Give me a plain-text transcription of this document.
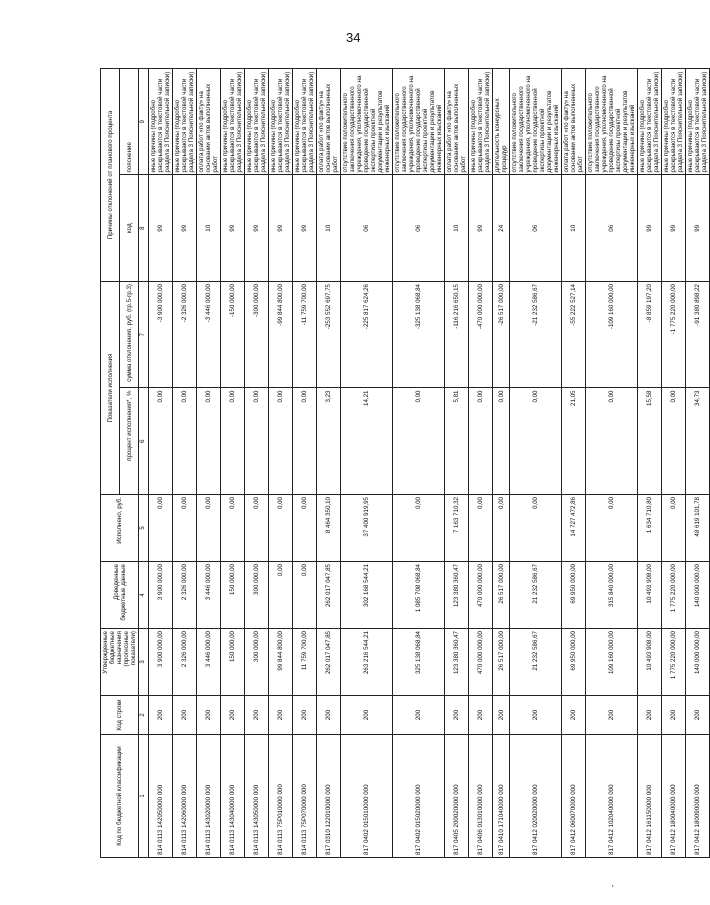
34
Код по бюджетной классификации	Код строки	Утвержденные бюджетные назначения (прогнозные показатели)	Доведенные бюджетные данные	Исполнено, руб.	Показатели исполнения		Причины отклонений от планового процента	
					процент исполнения*, %	сумма отклонения, руб. (гр.5-гр.3)	код	пояснение
1	2	3	4	5	6	7	8	9
814 0113 142050000 000	200	3 900 000,00	3 900 000,00	0,00	0,00	-3 900 000,00	99	иные причины (подробно раскрываются в текстовой части раздела 3 Пояснительной записки)
814 0113 142060000 000	200	2 326 000,00	2 326 000,00	0,00	0,00	-2 326 000,00	99	иные причины (подробно раскрываются в текстовой части раздела 3 Пояснительной записки)
814 0113 143020000 000	200	3 446 000,00	3 446 000,00	0,00	0,00	-3 446 000,00	10	оплата работ «по факту» на основании актов выполненных работ
814 0113 143040000 000	200	150 000,00	150 000,00	0,00	0,00	-150 000,00	99	иные причины (подробно раскрываются в текстовой части раздела 3 Пояснительной записки)
814 0113 143050000 000	200	300 000,00	300 000,00	0,00	0,00	-300 000,00	99	иные причины (подробно раскрываются в текстовой части раздела 3 Пояснительной записки)
814 0113 75Р010000 000	200	99 844 800,00	0,00	0,00	0,00	-99 844 800,00	99	иные причины (подробно раскрываются в текстовой части раздела 3 Пояснительной записки)
814 0113 75Р070000 000	200	11 759 700,00	0,00	0,00	0,00	-11 759 700,00	99	иные причины (подробно раскрываются в текстовой части раздела 3 Пояснительной записки)
817 0310 122010000 000	200	262 017 047,85	262 017 047,85	8 464 350,10	3,23	-253 552 697,75	10	оплата работ «по факту» на основании актов выполненных работ
817 0402 015010000 000	200	263 216 544,21	302 168 544,21	37 400 919,95	14,21	-225 817 624,26	06	отсутствие положительного заключения государственного учреждения, уполномоченного на проведение государственной экспертизы проектной документации и результатов инженерных изысканий
817 0402 015020000 000	200	325 138 068,84	1 085 708 068,84	0,00	0,00	-325 138 068,84	06	отсутствие положительного заключения государственного учреждения, уполномоченного на проведение государственной экспертизы проектной документации и результатов инженерных изысканий
817 0405 200020000 000	200	123 380 360,47	123 380 360,47	7 163 710,32	5,81	-116 216 650,15	10	оплата работ «по факту» на основании актов выполненных работ
817 0406 013010000 000	200	470 000 000,00	470 000 000,00	0,00	0,00	-470 000 000,00	99	иные причины (подробно раскрываются в текстовой части раздела 3 Пояснительной записки)
817 0410 171040000 000	200	26 517 000,00	26 517 000,00	0,00	0,00	-26 517 000,00	24	длительность конкурсных процедур
817 0412 020020000 000	200	21 232 586,67	21 232 586,67	0,00	0,00	-21 232 586,67	06	отсутствие положительного заключения государственного учреждения, уполномоченного на проведение государственной экспертизы проектной документации и результатов инженерных изысканий
817 0412 060070000 000	200	69 950 000,00	69 950 000,00	14 727 472,86	21,05	-55 222 527,14	10	оплата работ «по факту» на основании актов выполненных работ
817 0412 102040000 000	200	109 160 000,00	315 840 000,00	0,00	0,00	-109 160 000,00	06	отсутствие положительного заключения государственного учреждения, уполномоченного на проведение государственной экспертизы проектной документации и результатов инженерных изысканий
817 0412 161150000 000	200	10 493 908,00	10 493 908,00	1 634 710,80	15,58	-8 859 197,20	99	иные причины (подробно раскрываются в текстовой части раздела 3 Пояснительной записки)
817 0412 180040000 000	200	1 775 220 000,00	1 775 220 000,00	0,00	0,00	-1 775 220 000,00	99	иные причины (подробно раскрываются в текстовой части раздела 3 Пояснительной записки)
817 0412 180090000 000	200	140 000 000,00	140 000 000,00	48 619 101,78	34,73	-91 380 898,22	99	иные причины (подробно раскрываются в текстовой части раздела 3 Пояснительной записки)
'
